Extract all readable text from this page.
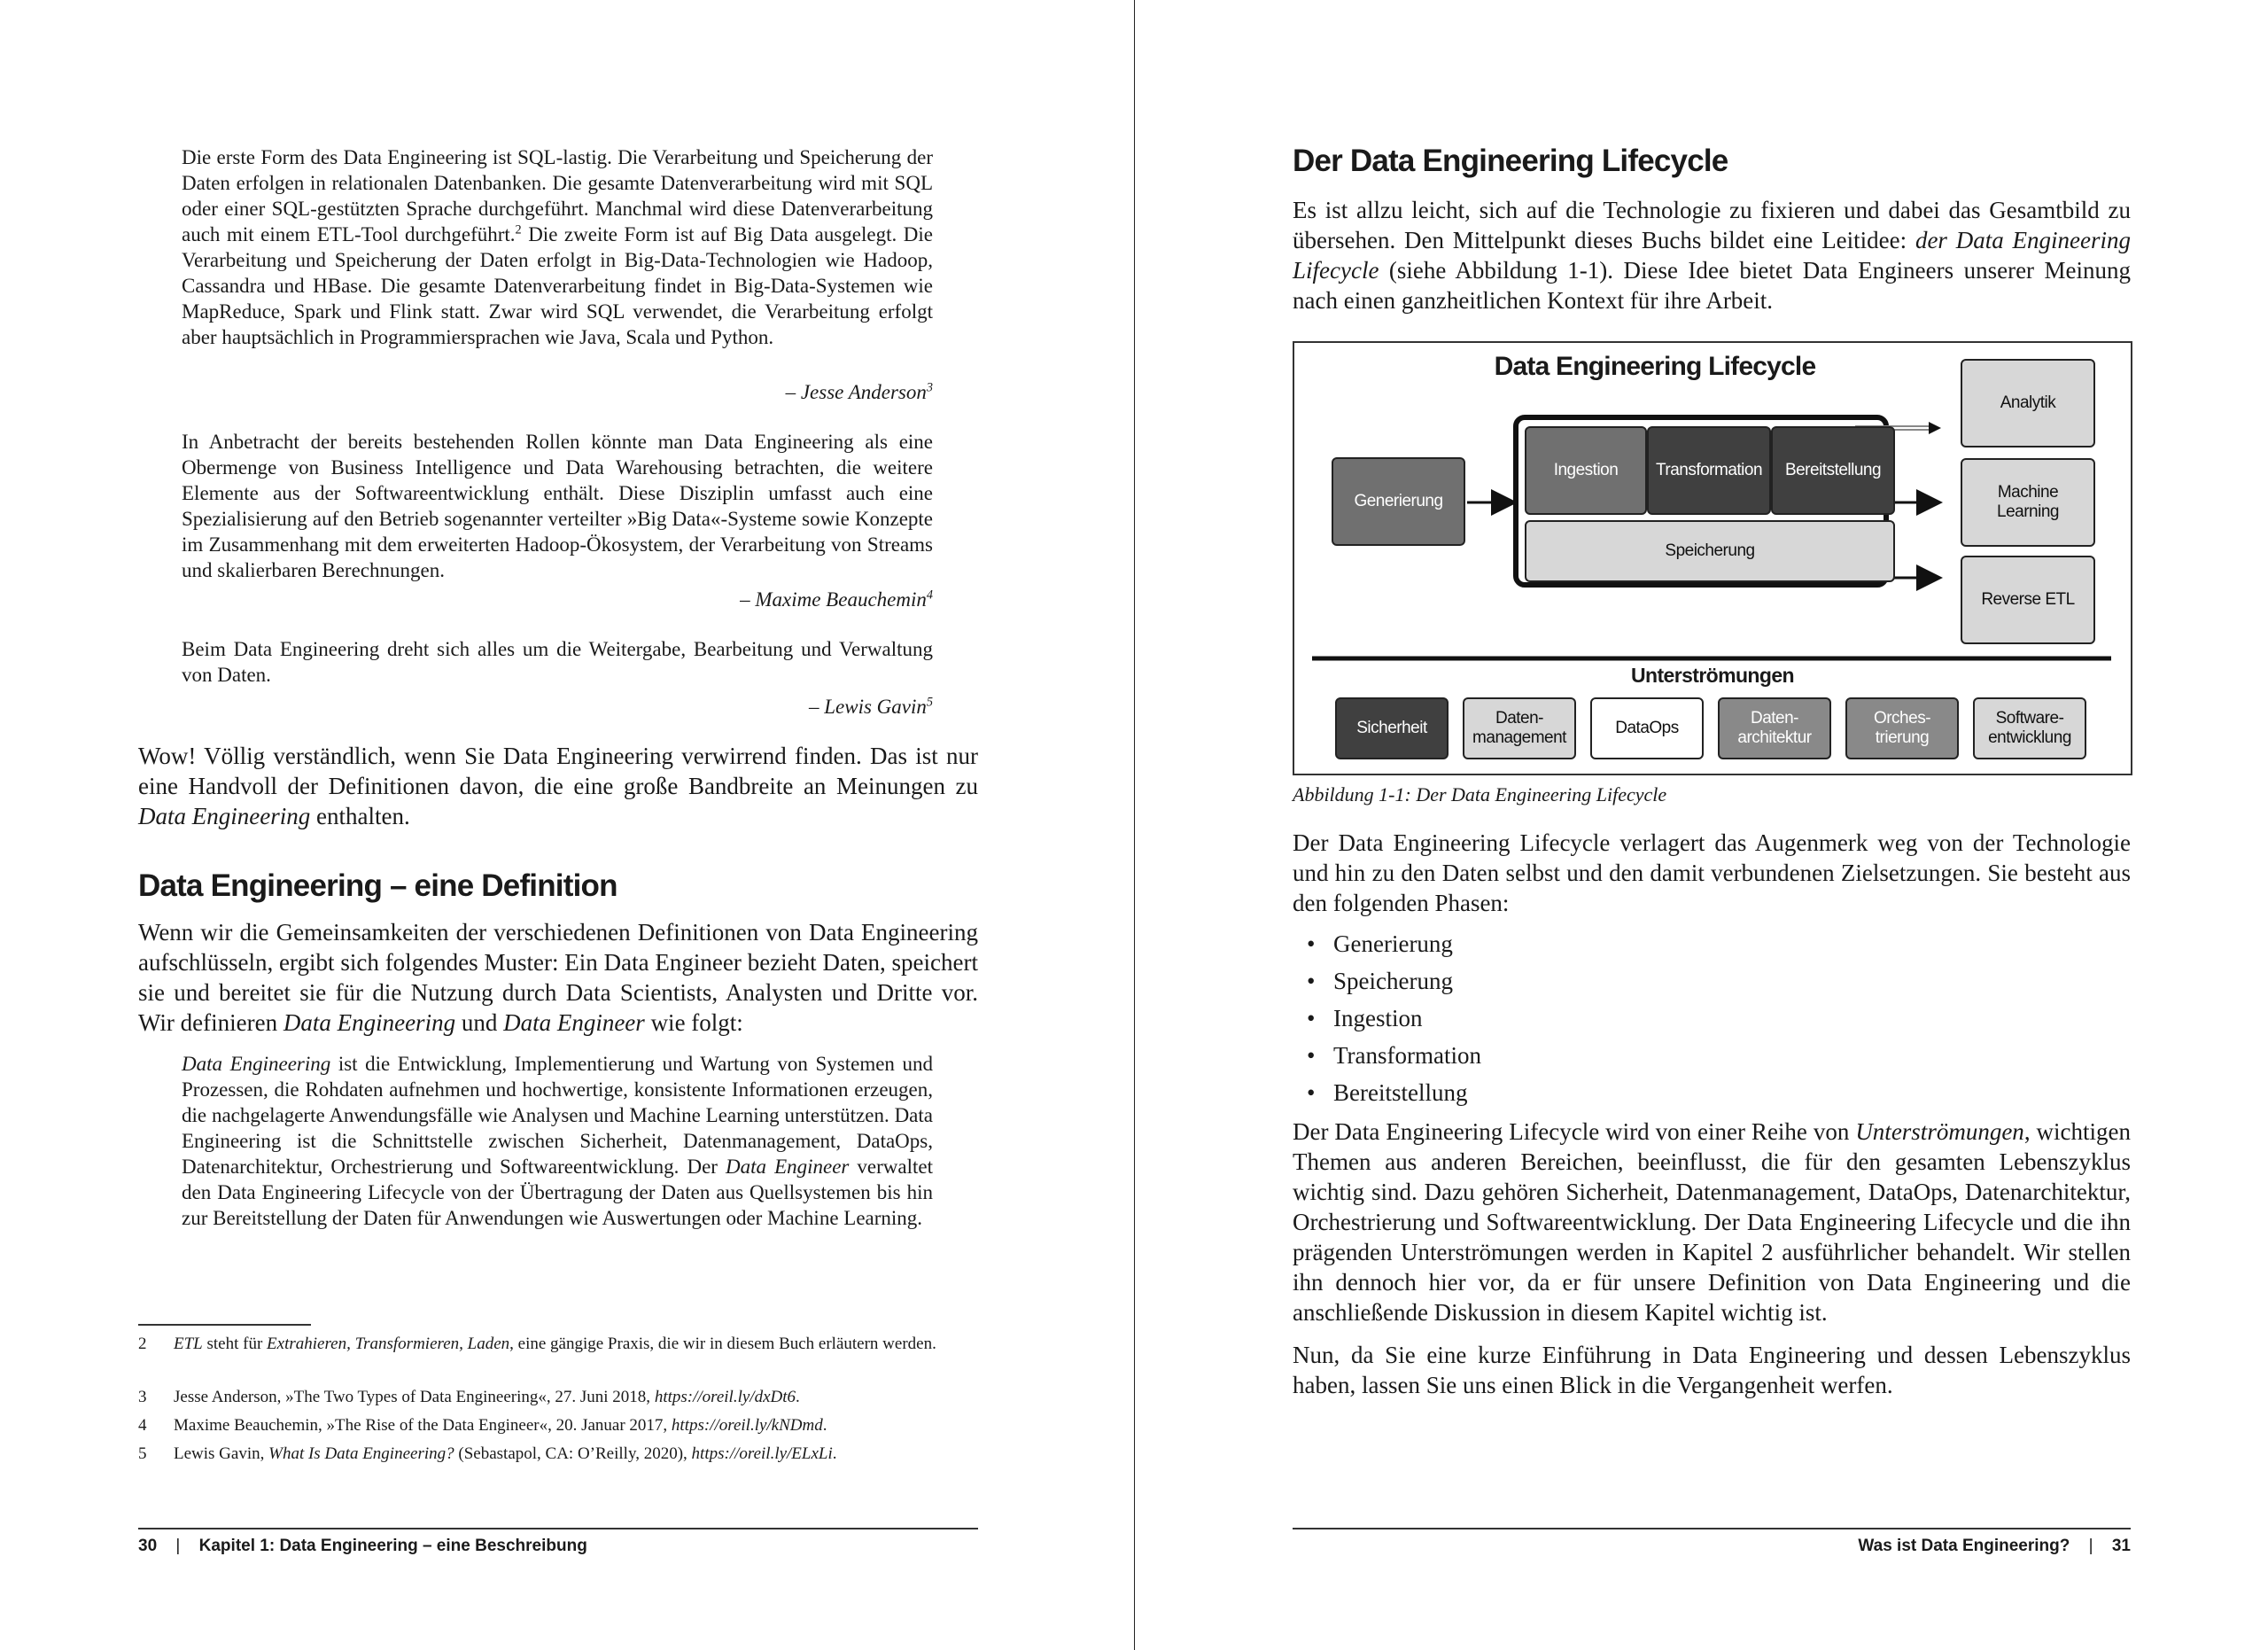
Die erste Form des Data Engineering ist SQL-lastig. Die Verarbeitung und Speicherung der Daten erfolgen in relationalen Datenbanken. Die gesamte Datenverarbeitung wird mit SQL oder einer SQL-gestützten Sprache durchgeführt. Manchmal wird diese Datenverarbeitung auch mit einem ETL-Tool durchgeführt.$^2$ Die zweite Form ist auf Big Data ausgelegt. Die Verarbeitung und Speicherung der Daten erfolgt in Big-Data-Technologien wie Hadoop, Cassandra und HBase. Die gesamte Datenverarbeitung findet in Big-Data-Systemen wie MapReduce, Spark und Flink statt. Zwar wird SQL verwendet, die Verarbeitung erfolgt aber hauptsächlich in Programmiersprachen wie Java, Scala und Python.
– Jesse Anderson$^3$
In Anbetracht der bereits bestehenden Rollen könnte man Data Engineering als eine Obermenge von Business Intelligence und Data Warehousing betrachten, die weitere Elemente aus der Softwareentwicklung enthält. Diese Disziplin umfasst auch eine Spezialisierung auf den Betrieb sogenannter verteilter »Big Data«-Systeme sowie Konzepte im Zusammenhang mit dem erweiterten Hadoop-Ökosystem, der Verarbeitung von Streams und skalierbaren Berechnungen.
– Maxime Beauchemin$^4$
Beim Data Engineering dreht sich alles um die Weitergabe, Bearbeitung und Verwaltung von Daten.
– Lewis Gavin$^5$
Wow! Völlig verständlich, wenn Sie Data Engineering verwirrend finden. Das ist nur eine Handvoll der Definitionen davon, die eine große Bandbreite an Meinungen zu Data Engineering enthalten.
Data Engineering – eine Definition
Wenn wir die Gemeinsamkeiten der verschiedenen Definitionen von Data Engineering aufschlüsseln, ergibt sich folgendes Muster: Ein Data Engineer bezieht Daten, speichert sie und bereitet sie für die Nutzung durch Data Scientists, Analysten und Dritte vor. Wir definieren Data Engineering und Data Engineer wie folgt:
Data Engineering ist die Entwicklung, Implementierung und Wartung von Systemen und Prozessen, die Rohdaten aufnehmen und hochwertige, konsistente Informationen erzeugen, die nachgelagerte Anwendungsfälle wie Analysen und Machine Learning unterstützen. Data Engineering ist die Schnittstelle zwischen Sicherheit, Datenmanagement, DataOps, Datenarchitektur, Orchestrierung und Softwareentwicklung. Der Data Engineer verwaltet den Data Engineering Lifecycle von der Übertragung der Daten aus Quellsystemen bis hin zur Bereitstellung der Daten für Anwendungen wie Auswertungen oder Machine Learning.
2 ETL steht für Extrahieren, Transformieren, Laden, eine gängige Praxis, die wir in diesem Buch erläutern werden.
3 Jesse Anderson, »The Two Types of Data Engineering«, 27. Juni 2018, https://oreil.ly/dxDt6.
4 Maxime Beauchemin, »The Rise of the Data Engineer«, 20. Januar 2017, https://oreil.ly/kNDmd.
5 Lewis Gavin, What Is Data Engineering? (Sebastapol, CA: O’Reilly, 2020), https://oreil.ly/ELxLi.
30 | Kapitel 1: Data Engineering – eine Beschreibung
Der Data Engineering Lifecycle
Es ist allzu leicht, sich auf die Technologie zu fixieren und dabei das Gesamtbild zu übersehen. Den Mittelpunkt dieses Buchs bildet eine Leitidee: der Data Engineering Lifecycle (siehe Abbildung 1-1). Diese Idee bietet Data Engineers unserer Meinung nach einen ganzheitlichen Kontext für ihre Arbeit.
Data Engineering Lifecycle
Generierung
Ingestion Transformation Bereitstellung
Speicherung
Analytik
Machine
Learning
Reverse ETL
Unterströmungen
Sicherheit
Daten-
management
DataOps
Daten-
architektur
Orches-
trierung
Software-
entwicklung
Abbildung 1-1: Der Data Engineering Lifecycle
Der Data Engineering Lifecycle verlagert das Augenmerk weg von der Technologie und hin zu den Daten selbst und den damit verbundenen Zielsetzungen. Sie besteht aus den folgenden Phasen:
• Generierung
• Speicherung
• Ingestion
• Transformation
• Bereitstellung
Der Data Engineering Lifecycle wird von einer Reihe von Unterströmungen, wichtigen Themen aus anderen Bereichen, beeinflusst, die für den gesamten Lebenszyklus wichtig sind. Dazu gehören Sicherheit, Datenmanagement, DataOps, Datenarchitektur, Orchestrierung und Softwareentwicklung. Der Data Engineering Lifecycle und die ihn prägenden Unterströmungen werden in Kapitel 2 ausführlicher behandelt. Wir stellen ihn dennoch hier vor, da er für unsere Definition von Data Engineering und die anschließende Diskussion in diesem Kapitel wichtig ist.
Nun, da Sie eine kurze Einführung in Data Engineering und dessen Lebenszyklus haben, lassen Sie uns einen Blick in die Vergangenheit werfen.
Was ist Data Engineering? | 31
